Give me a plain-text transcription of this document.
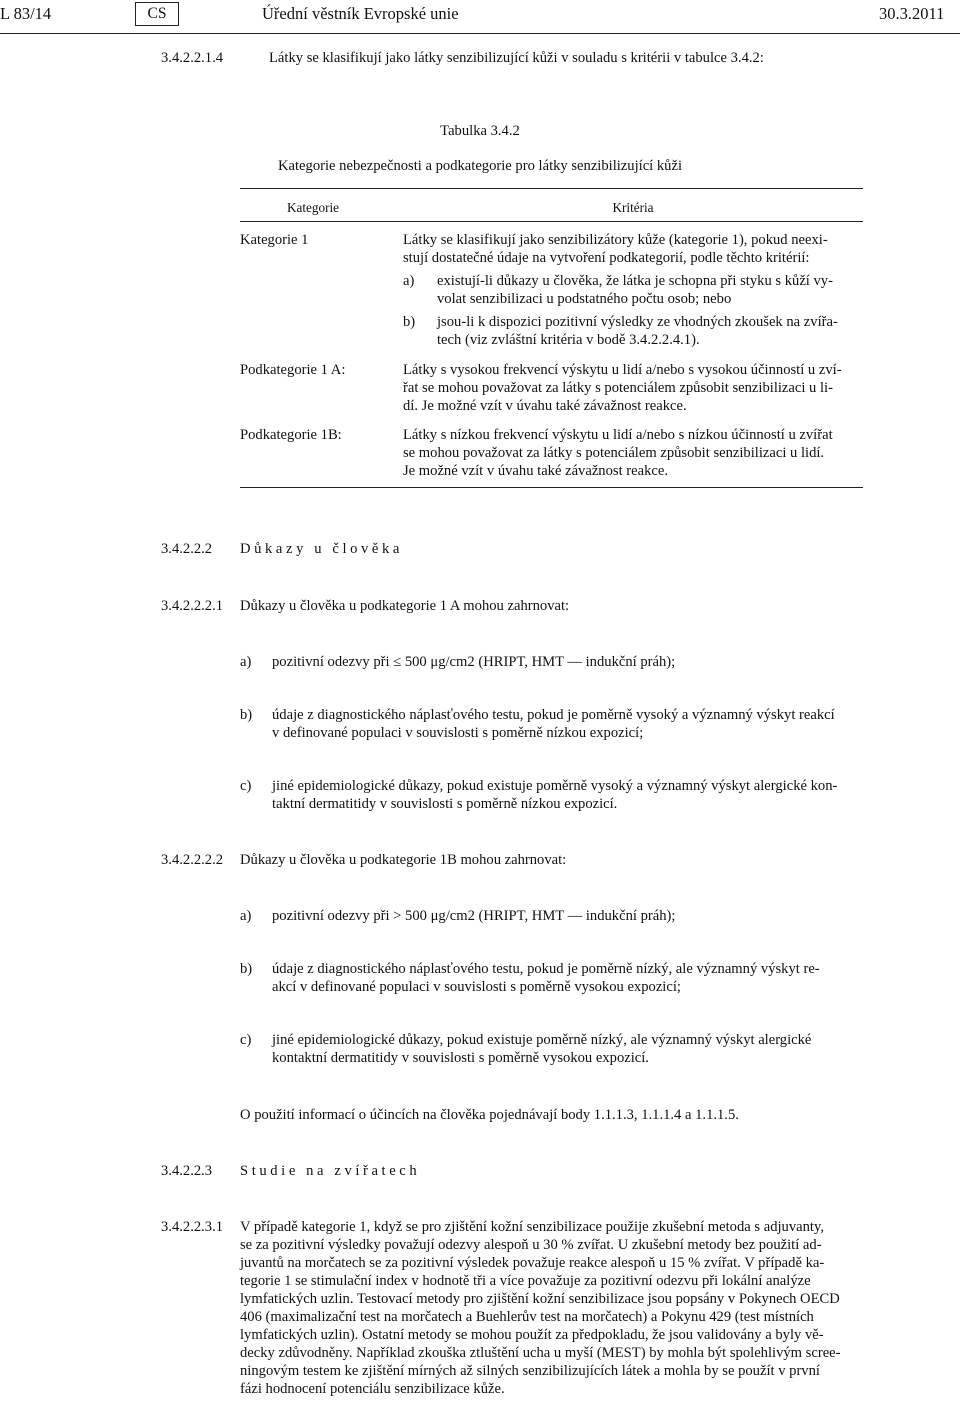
L 83/14	CS	Úřední věstník Evropské unie	30.3.2011
3.4.2.2.1.4	Látky se klasifikují jako látky senzibilizující kůži v souladu s kritérii v tabulce 3.4.2:
Tabulka 3.4.2
Kategorie nebezpečnosti a podkategorie pro látky senzibilizující kůži
Kategorie	Kritéria
Kategorie 1	Látky se klasifikují jako senzibilizátory kůže (kategorie 1), pokud neexi-
stují dostatečné údaje na vytvoření podkategorií, podle těchto kritérií:
a) existují-li důkazy u člověka, že látka je schopna při styku s kůží vy-
volat senzibilizaci u podstatného počtu osob; nebo
b) jsou-li k dispozici pozitivní výsledky ze vhodných zkoušek na zvířa-
tech (viz zvláštní kritéria v bodě 3.4.2.2.4.1).
Podkategorie 1 A:	Látky s vysokou frekvencí výskytu u lidí a/nebo s vysokou účinností u zví-
řat se mohou považovat za látky s potenciálem způsobit senzibilizaci u li-
dí. Je možné vzít v úvahu také závažnost reakce.
Podkategorie 1B:	Látky s nízkou frekvencí výskytu u lidí a/nebo s nízkou účinností u zvířat
se mohou považovat za látky s potenciálem způsobit senzibilizaci u lidí.
Je možné vzít v úvahu také závažnost reakce.
3.4.2.2.2 Důkazy u člověka
3.4.2.2.2.1 Důkazy u člověka u podkategorie 1 A mohou zahrnovat:
a) pozitivní odezvy při ≤ 500 μg/cm2 (HRIPT, HMT — indukční práh);
b) údaje z diagnostického náplasťového testu, pokud je poměrně vysoký a významný výskyt reakcí
v definované populaci v souvislosti s poměrně nízkou expozicí;
c) jiné epidemiologické důkazy, pokud existuje poměrně vysoký a významný výskyt alergické kon-
taktní dermatitidy v souvislosti s poměrně nízkou expozicí.
3.4.2.2.2.2 Důkazy u člověka u podkategorie 1B mohou zahrnovat:
a) pozitivní odezvy při > 500 μg/cm2 (HRIPT, HMT — indukční práh);
b) údaje z diagnostického náplasťového testu, pokud je poměrně nízký, ale významný výskyt re-
akcí v definované populaci v souvislosti s poměrně vysokou expozicí;
c) jiné epidemiologické důkazy, pokud existuje poměrně nízký, ale významný výskyt alergické
kontaktní dermatitidy v souvislosti s poměrně vysokou expozicí.
O použití informací o účincích na člověka pojednávají body 1.1.1.3, 1.1.1.4 a 1.1.1.5.
3.4.2.2.3 Studie na zvířatech
3.4.2.2.3.1 V případě kategorie 1, když se pro zjištění kožní senzibilizace použije zkušební metoda s adjuvanty,
se za pozitivní výsledky považují odezvy alespoň u 30 % zvířat. U zkušební metody bez použití ad-
juvantů na morčatech se za pozitivní výsledek považuje reakce alespoň u 15 % zvířat. V případě ka-
tegorie 1 se stimulační index v hodnotě tři a více považuje za pozitivní odezvu při lokální analýze
lymfatických uzlin. Testovací metody pro zjištění kožní senzibilizace jsou popsány v Pokynech OECD
406 (maximalizační test na morčatech a Buehlerův test na morčatech) a Pokynu 429 (test místních
lymfatických uzlin). Ostatní metody se mohou použít za předpokladu, že jsou validovány a byly vě-
decky zdůvodněny. Například zkouška ztluštění ucha u myší (MEST) by mohla být spolehlivým scree-
ningovým testem ke zjištění mírných až silných senzibilizujících látek a mohla by se použít v první
fázi hodnocení potenciálu senzibilizace kůže.
